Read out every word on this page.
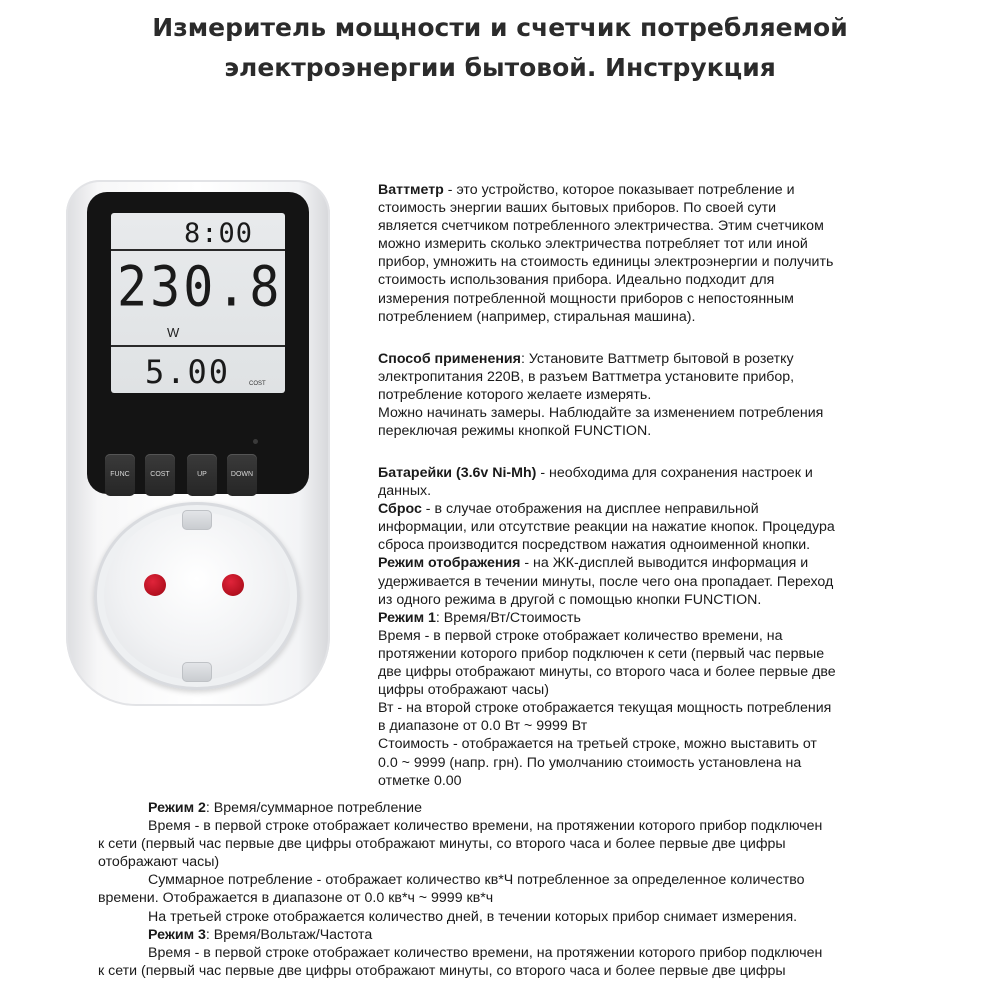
Измеритель мощности и счетчик потребляемой
электроэнергии бытовой. Инструкция
8:00
230.8
W
5.00	COST
FUNC	COST	UP	DOWN

Ваттметр - это устройство, которое показывает потребление и

стоимость энергии ваших бытовых приборов. По своей сути

является счетчиком потребленного электричества. Этим счетчиком

можно измерить сколько электричества потребляет тот или иной

прибор, умножить на стоимость единицы электроэнергии и получить

стоимость использования прибора. Идеально подходит для

измерения потребленной мощности приборов с непостоянным

потреблением (например, стиральная машина).

Способ применения: Установите Ваттметр бытовой в розетку

электропитания 220В, в разъем Ваттметра установите прибор,

потребление которого желаете измерять.

Можно начинать замеры. Наблюдайте за изменением потребления

переключая режимы кнопкой FUNCTION.

Батарейки (3.6v Ni-Mh) - необходима для сохранения настроек и

данных.

Сброс - в случае отображения на дисплее неправильной

информации, или отсутствие реакции на нажатие кнопок. Процедура

сброса производится посредством нажатия одноименной кнопки.

Режим отображения - на ЖК-дисплей выводится информация и

удерживается в течении минуты, после чего она пропадает. Переход

из одного режима в другой с помощью кнопки FUNCTION.

Режим 1: Время/Вт/Стоимость

Время - в первой строке отображает количество времени, на

протяжении которого прибор подключен к сети (первый час первые

две цифры отображают минуты, со второго часа и более первые две

цифры отображают часы)

Вт - на второй строке отображается текущая мощность потребления

в диапазоне от 0.0 Вт ~ 9999 Вт

Стоимость - отображается на третьей строке, можно выставить от

0.0 ~ 9999 (напр. грн). По умолчанию стоимость установлена на

отметке 0.00

Режим 2: Время/суммарное потребление

Время - в первой строке отображает количество времени, на протяжении которого прибор подключен

к сети (первый час первые две цифры отображают минуты, со второго часа и более первые две цифры

отображают часы)

Суммарное потребление - отображает количество кв*Ч потребленное за определенное количество

времени. Отображается в диапазоне от 0.0 кв*ч ~ 9999 кв*ч

На третьей строке отображается количество дней, в течении которых прибор снимает измерения.

Режим 3: Время/Вольтаж/Частота

Время - в первой строке отображает количество времени, на протяжении которого прибор подключен

к сети (первый час первые две цифры отображают минуты, со второго часа и более первые две цифры
